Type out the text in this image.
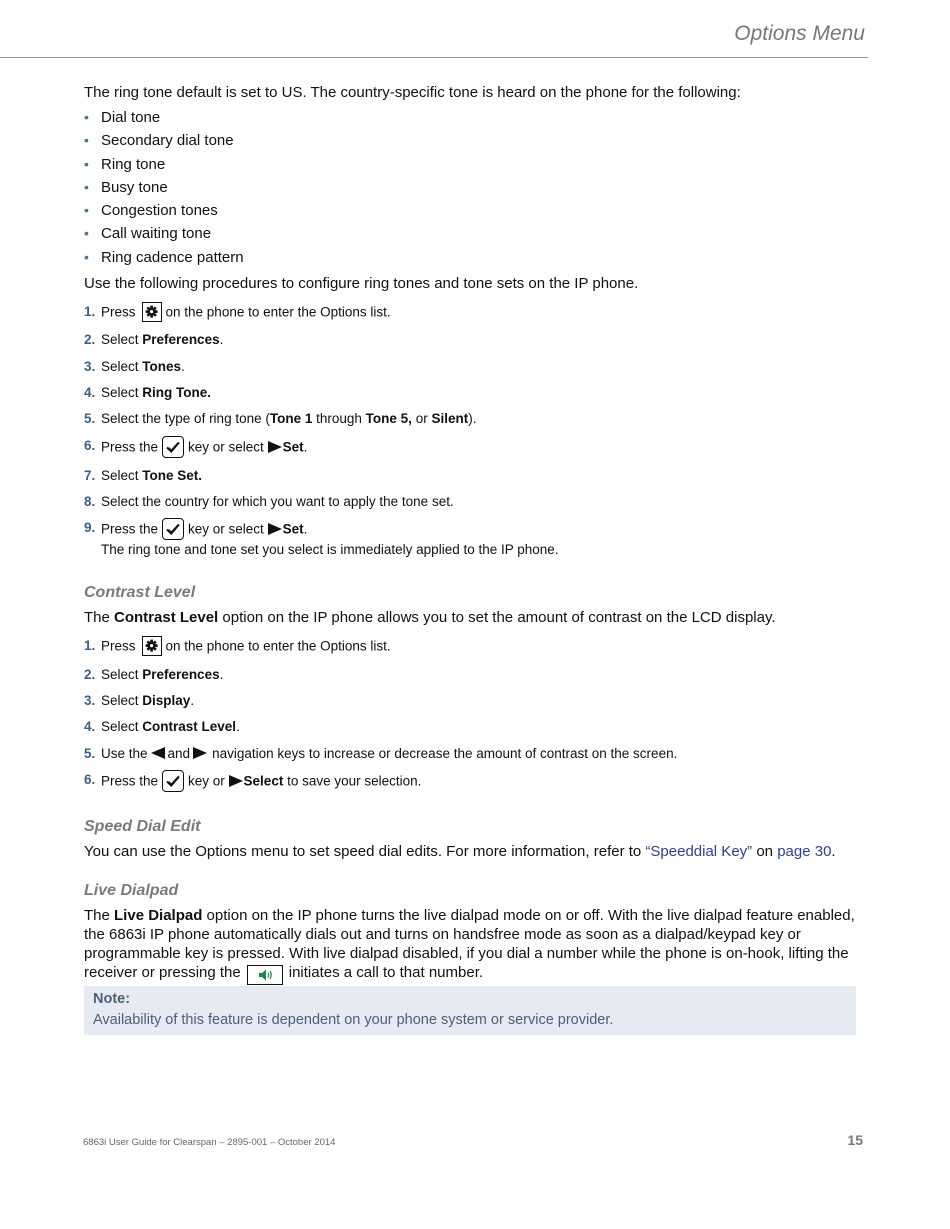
Options Menu

The ring tone default is set to US. The country-specific tone is heard on the phone for the following:

• Dial tone
• Secondary dial tone
• Ring tone
• Busy tone
• Congestion tones
• Call waiting tone
• Ring cadence pattern

Use the following procedures to configure ring tones and tone sets on the IP phone.

1. Press on the phone to enter the Options list.
2. Select Preferences.
3. Select Tones.
4. Select Ring Tone.
5. Select the type of ring tone (Tone 1 through Tone 5, or Silent).
6. Press the key or select Set.
7. Select Tone Set.
8. Select the country for which you want to apply the tone set.
9. Press the key or select Set.
The ring tone and tone set you select is immediately applied to the IP phone.
Contrast Level

The Contrast Level option on the IP phone allows you to set the amount of contrast on the LCD display.

1. Press on the phone to enter the Options list.
2. Select Preferences.
3. Select Display.
4. Select Contrast Level.
5. Use the and navigation keys to increase or decrease the amount of contrast on the screen.
6. Press the key or Select to save your selection.
Speed Dial Edit

You can use the Options menu to set speed dial edits. For more information, refer to “Speeddial Key” on page 30.

Live Dialpad

The Live Dialpad option on the IP phone turns the live dialpad mode on or off. With the live dialpad feature enabled, the 6863i IP phone automatically dials out and turns on handsfree mode as soon as a dialpad/keypad key or programmable key is pressed. With live dialpad disabled, if you dial a number while the phone is on-hook, lifting the receiver or pressing the	initiates a call to that number.

Note:
Availability of this feature is dependent on your phone system or service provider.
6863i User Guide for Clearspan – 2895-001 – October 2014	15
